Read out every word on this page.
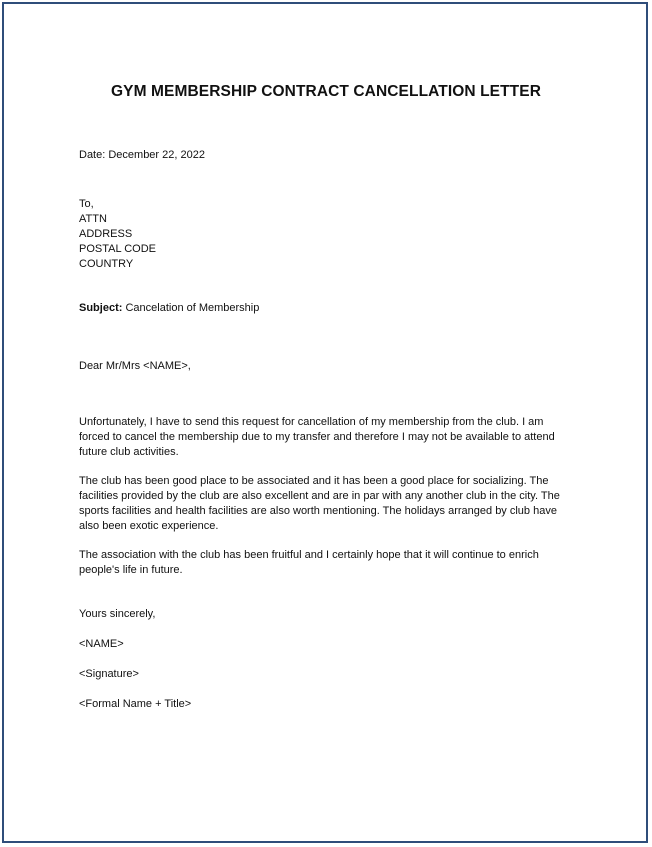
GYM MEMBERSHIP CONTRACT CANCELLATION LETTER

Date: December 22, 2022

To,

ATTN

ADDRESS

POSTAL CODE

COUNTRY

Subject: Cancelation of Membership

Dear Mr/Mrs <NAME>,

Unfortunately, I have to send this request for cancellation of my membership from the club. I am forced to cancel the membership due to my transfer and therefore I may not be available to attend future club activities.

The club has been good place to be associated and it has been a good place for socializing. The facilities provided by the club are also excellent and are in par with any another club in the city. The sports facilities and health facilities are also worth mentioning. The holidays arranged by club have also been exotic experience.

The association with the club has been fruitful and I certainly hope that it will continue to enrich people's life in future.

Yours sincerely,

<NAME>

<Signature>

<Formal Name + Title>
